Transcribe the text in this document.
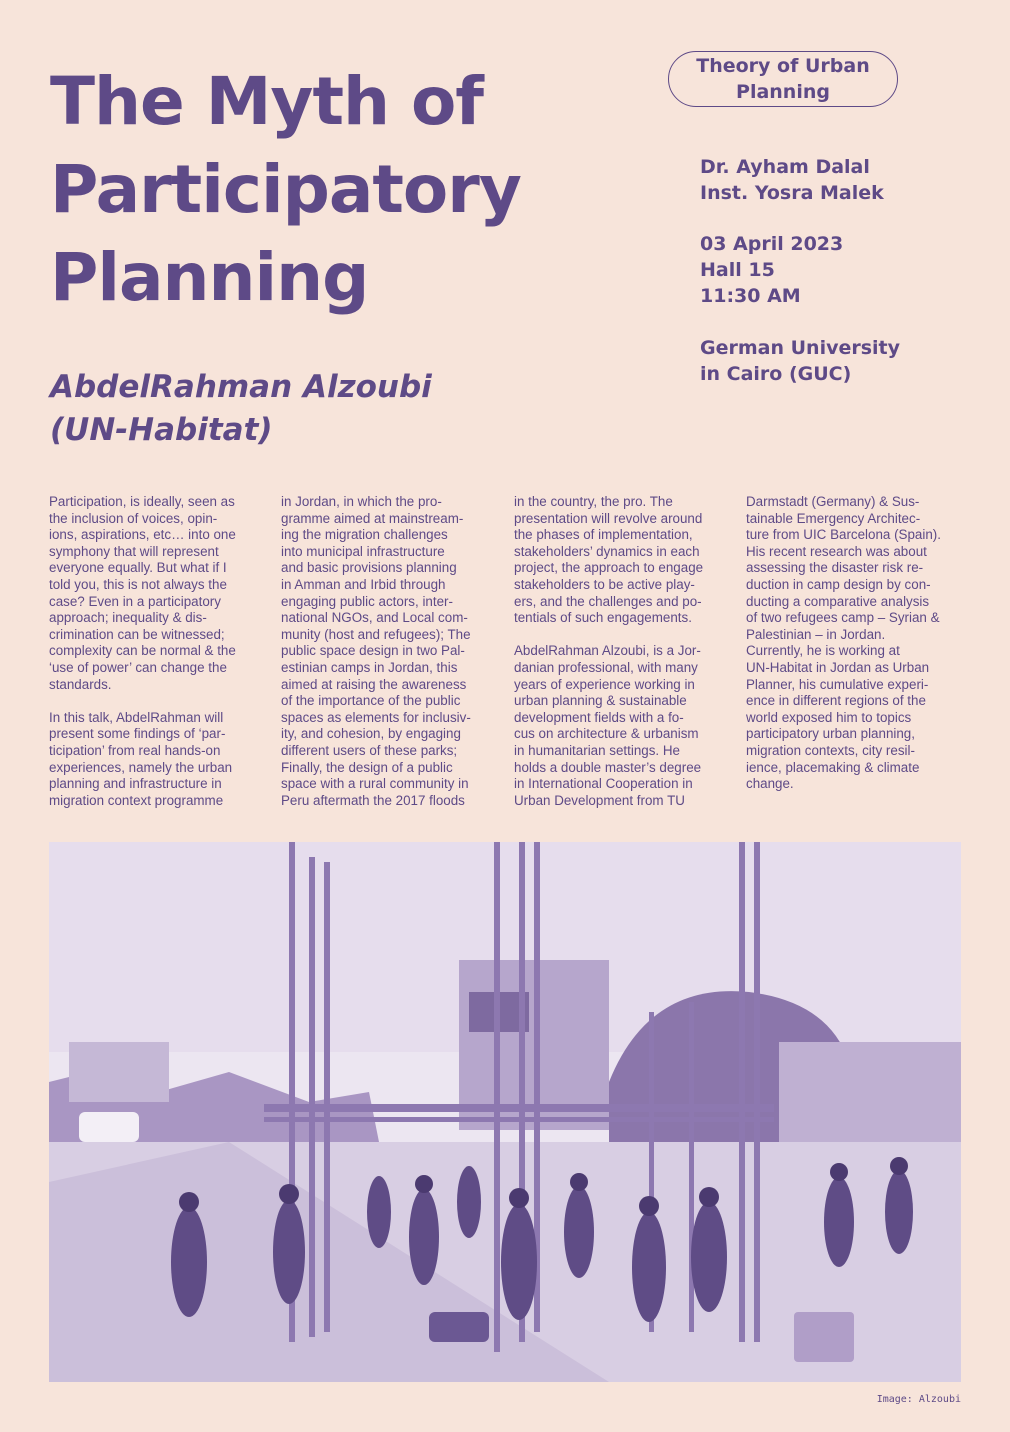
The Myth of
Participatory
Planning
AbdelRahman Alzoubi
(UN-Habitat)
Theory of Urban
Planning
Dr. Ayham Dalal
Inst. Yosra Malek
03 April 2023
Hall 15
11:30 AM
German University
in Cairo (GUC)
Participation, is ideally, seen as
the inclusion of voices, opin-
ions, aspirations, etc… into one
symphony that will represent
everyone equally. But what if I
told you, this is not always the
case? Even in a participatory
approach; inequality & dis-
crimination can be witnessed;
complexity can be normal & the
‘use of power’ can change the
standards.
In this talk, AbdelRahman will
present some findings of ‘par-
ticipation’ from real hands-on
experiences, namely the urban
planning and infrastructure in
migration context programme
in Jordan, in which the pro-
gramme aimed at mainstream-
ing the migration challenges
into municipal infrastructure
and basic provisions planning
in Amman and Irbid through
engaging public actors, inter-
national NGOs, and Local com-
munity (host and refugees); The
public space design in two Pal-
estinian camps in Jordan, this
aimed at raising the awareness
of the importance of the public
spaces as elements for inclusiv-
ity, and cohesion, by engaging
different users of these parks;
Finally, the design of a public
space with a rural community in
Peru aftermath the 2017 floods
in the country, the pro. The
presentation will revolve around
the phases of implementation,
stakeholders’ dynamics in each
project, the approach to engage
stakeholders to be active play-
ers, and the challenges and po-
tentials of such engagements.
AbdelRahman Alzoubi, is a Jor-
danian professional, with many
years of experience working in
urban planning & sustainable
development fields with a fo-
cus on architecture & urbanism
in humanitarian settings. He
holds a double master’s degree
in International Cooperation in
Urban Development from TU
Darmstadt (Germany) & Sus-
tainable Emergency Architec-
ture from UIC Barcelona (Spain).
His recent research was about
assessing the disaster risk re-
duction in camp design by con-
ducting a comparative analysis
of two refugees camp – Syrian &
Palestinian – in Jordan.
Currently, he is working at
UN-Habitat in Jordan as Urban
Planner, his cumulative experi-
ence in different regions of the
world exposed him to topics
participatory urban planning,
migration contexts, city resil-
ience, placemaking & climate
change.
Image: Alzoubi
